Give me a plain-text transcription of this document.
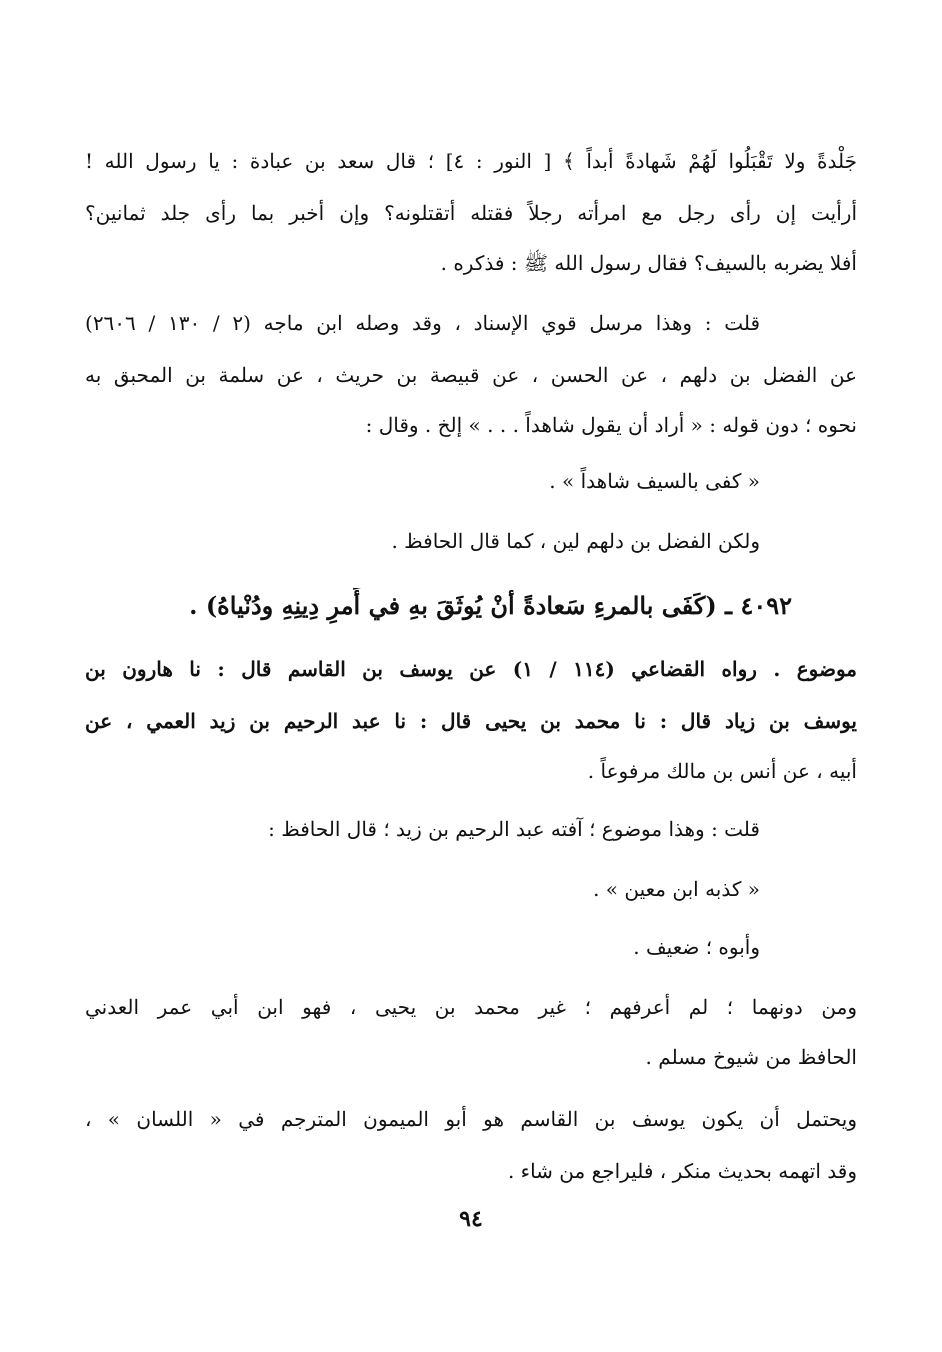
جَلْدةً ولا تَقْبَلُوا لَهُمْ شَهادةً أبداً ﴾ [ النور : ٤] ؛ قال سعد بن عبادة : يا رسول الله !
أرأيت إن رأى رجل مع امرأته رجلاً فقتله أتقتلونه؟ وإن أخبر بما رأى جلد ثمانين؟
أفلا يضربه بالسيف؟ فقال رسول الله ﷺ : فذكره .
قلت : وهذا مرسل قوي الإسناد ، وقد وصله ابن ماجه (٢ / ١٣٠ / ٢٦٠٦)
عن الفضل بن دلهم ، عن الحسن ، عن قبيصة بن حريث ، عن سلمة بن المحبق به
نحوه ؛ دون قوله : « أراد أن يقول شاهداً . . . » إلخ . وقال :
« كفى بالسيف شاهداً » .
ولكن الفضل بن دلهم لين ، كما قال الحافظ .
٤٠٩٢ ـ (كَفَى بالمرءِ سَعادةً أنْ يُوثَقَ بهِ في أَمرِ دِينِهِ ودُنْياهُ) .
موضوع . رواه القضاعي (١١٤ / ١) عن يوسف بن القاسم قال : نا هارون بن
يوسف بن زياد قال : نا محمد بن يحيى قال : نا عبد الرحيم بن زيد العمي ، عن
أبيه ، عن أنس بن مالك مرفوعاً .
قلت : وهذا موضوع ؛ آفته عبد الرحيم بن زيد ؛ قال الحافظ :
« كذبه ابن معين » .
وأبوه ؛ ضعيف .
ومن دونهما ؛ لم أعرفهم ؛ غير محمد بن يحيى ، فهو ابن أبي عمر العدني
الحافظ من شيوخ مسلم .
ويحتمل أن يكون يوسف بن القاسم هو أبو الميمون المترجم في « اللسان » ،
وقد اتهمه بحديث منكر ، فليراجع من شاء .
٩٤
